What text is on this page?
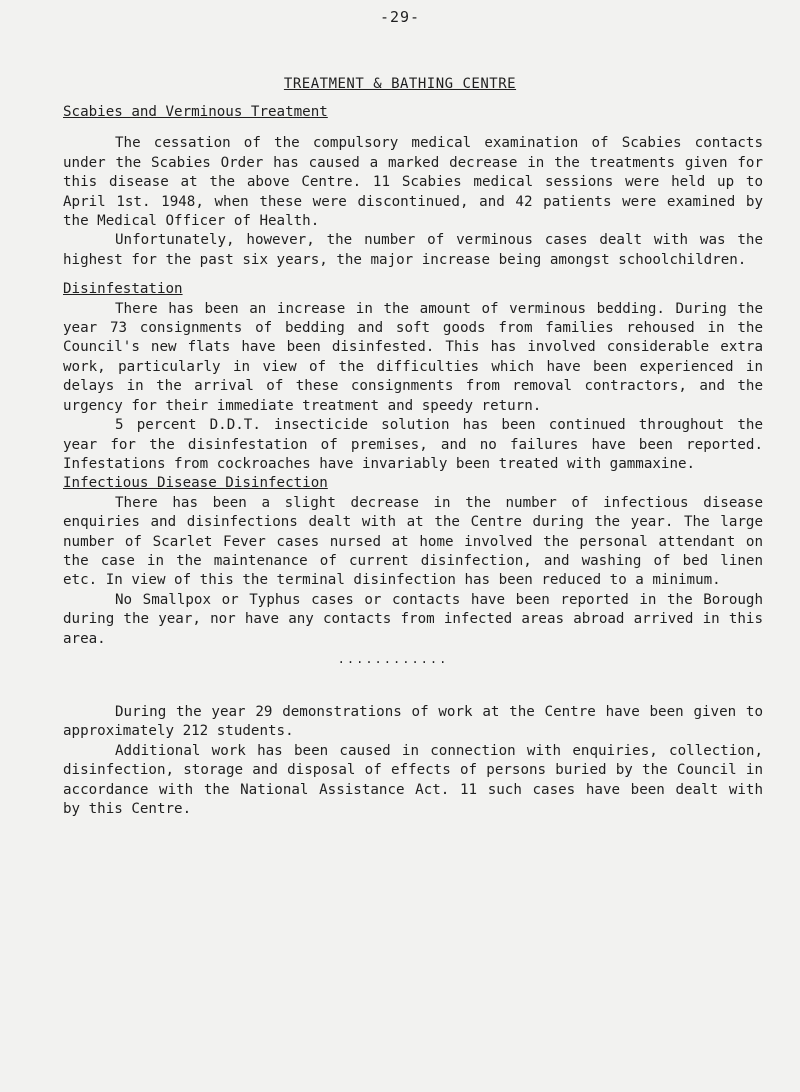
-29-
TREATMENT & BATHING CENTRE

Scabies and Verminous Treatment

The cessation of the compulsory medical examination of Scabies contacts under the Scabies Order has caused a marked decrease in the treatments given for this disease at the above Centre. 11 Scabies medical sessions were held up to April 1st. 1948, when these were discontinued, and 42 patients were examined by the Medical Officer of Health.

Unfortunately, however, the number of verminous cases dealt with was the highest for the past six years, the major increase being amongst schoolchildren.

Disinfestation

There has been an increase in the amount of verminous bedding. During the year 73 consignments of bedding and soft goods from families rehoused in the Council's new flats have been disinfested. This has involved considerable extra work, particularly in view of the difficulties which have been experienced in delays in the arrival of these consignments from removal contractors, and the urgency for their immediate treatment and speedy return.

5 percent D.D.T. insecticide solution has been continued throughout the year for the disinfestation of premises, and no failures have been reported. Infestations from cockroaches have invariably been treated with gammaxine.

Infectious Disease Disinfection

There has been a slight decrease in the number of infectious disease enquiries and disinfections dealt with at the Centre during the year. The large number of Scarlet Fever cases nursed at home involved the personal attendant on the case in the maintenance of current disinfection, and washing of bed linen etc. In view of this the terminal disinfection has been reduced to a minimum.

No Smallpox or Typhus cases or contacts have been reported in the Borough during the year, nor have any contacts from infected areas abroad arrived in this area.

............

During the year 29 demonstrations of work at the Centre have been given to approximately 212 students.

Additional work has been caused in connection with enquiries, collection, disinfection, storage and disposal of effects of persons buried by the Council in accordance with the National Assistance Act. 11 such cases have been dealt with by this Centre.
